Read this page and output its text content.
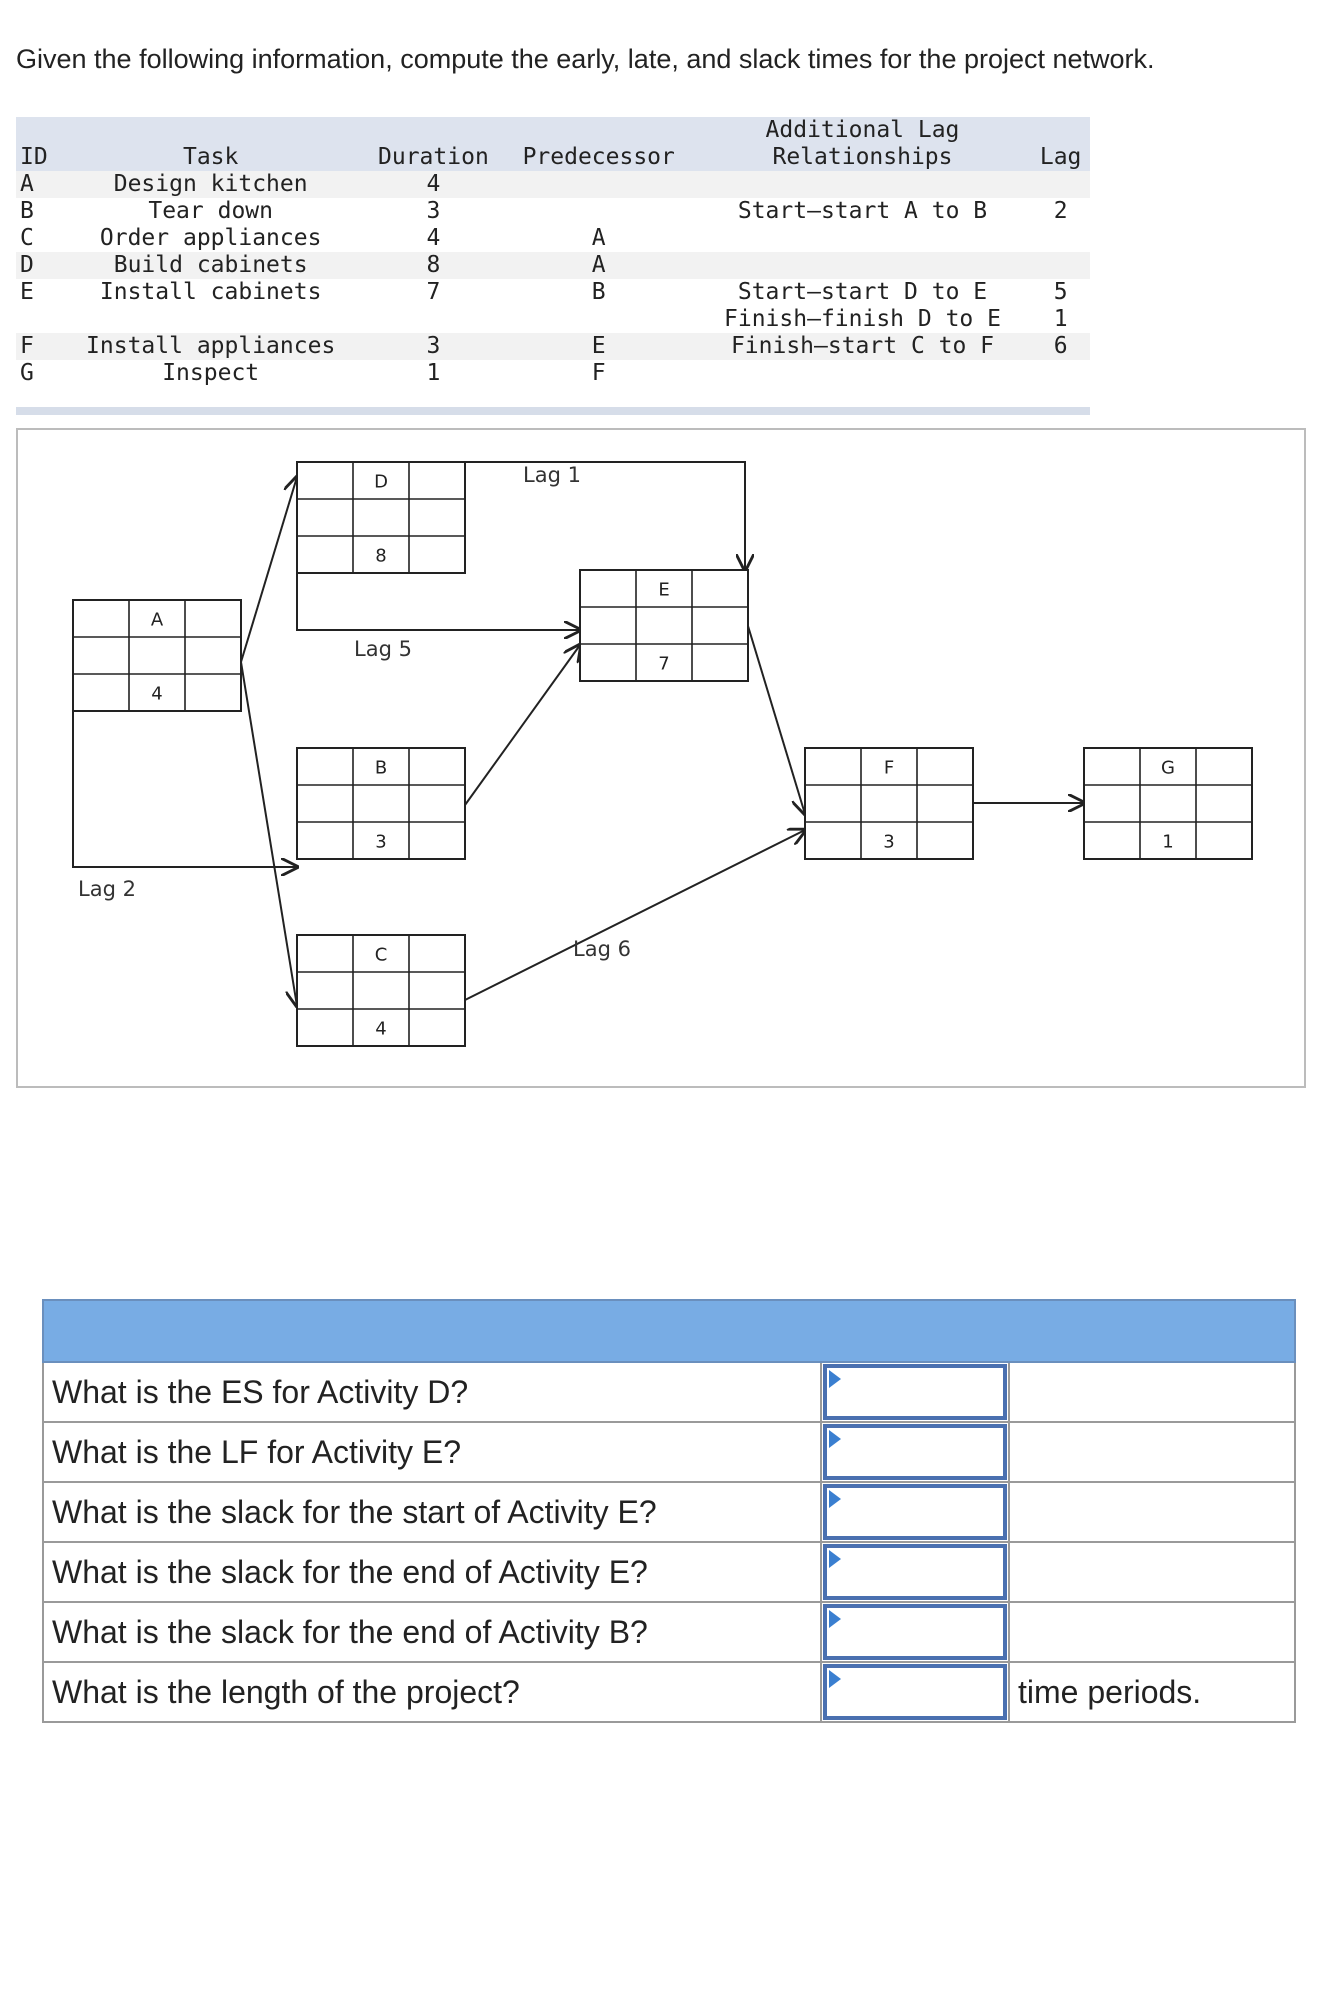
Given the following information, compute the early, late, and slack times for the project network.
ID	Task	Duration	Predecessor	Additional Lag
Relationships	Lag
A	Design kitchen	4			
B	Tear down	3		Start–start A to B	2
C	Order appliances	4	A		
D	Build cabinets	8	A		
E	Install cabinets	7	B	Start–start D to E	5
				Finish–finish D to E	1
F	Install appliances	3	E	Finish–start C to F	6
G	Inspect	1	F		
A
4
D
8
B
3
C
4
E
7
F
3
G
1
Lag 1
Lag 5
Lag 2
Lag 6

What is the ES for Activity D?	

What is the LF for Activity E?	

What is the slack for the start of Activity E?	

What is the slack for the end of Activity E?	

What is the slack for the end of Activity B?	

What is the length of the project?		time periods.
